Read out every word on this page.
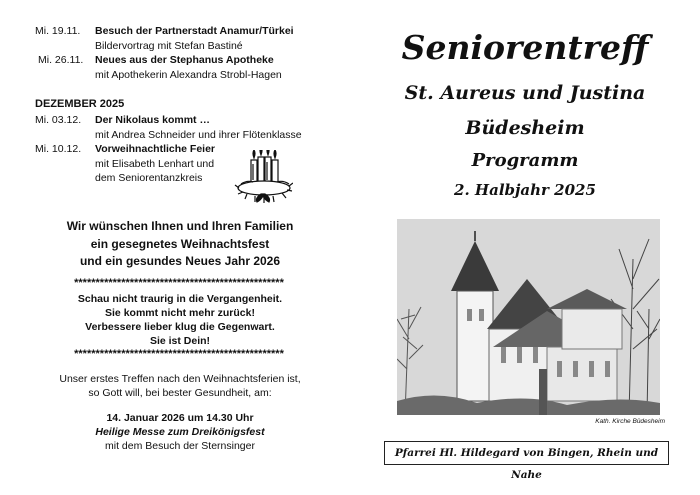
Mi. 19.11. Besuch der Partnerstadt Anamur/Türkei
Bildervortrag mit Stefan Bastiné
Mi. 26.11. Neues aus der Stephanus Apotheke
mit Apothekerin Alexandra Strobl-Hagen
DEZEMBER 2025
Mi. 03.12. Der Nikolaus kommt …
mit Andrea Schneider und ihrer Flötenklasse
Mi. 10.12. Vorweihnachtliche Feier
mit Elisabeth Lenhart und
dem Seniorentanzkreis
Wir wünschen Ihnen und Ihren Familien
ein gesegnetes Weihnachtsfest
und ein gesundes Neues Jahr 2026
*************************************************
Schau nicht traurig in die Vergangenheit.
Sie kommt nicht mehr zurück!
Verbessere lieber klug die Gegenwart.
Sie ist Dein!
*************************************************
Unser erstes Treffen nach den Weihnachtsferien ist,
so Gott will, bei bester Gesundheit, am:
14. Januar 2026 um 14.30 Uhr
Heilige Messe zum Dreikönigsfest
mit dem Besuch der Sternsinger
Seniorentreff
St. Aureus und Justina
Büdesheim
Programm
2. Halbjahr 2025
Kath. Kirche Büdesheim
Pfarrei Hl. Hildegard von Bingen, Rhein und Nahe
